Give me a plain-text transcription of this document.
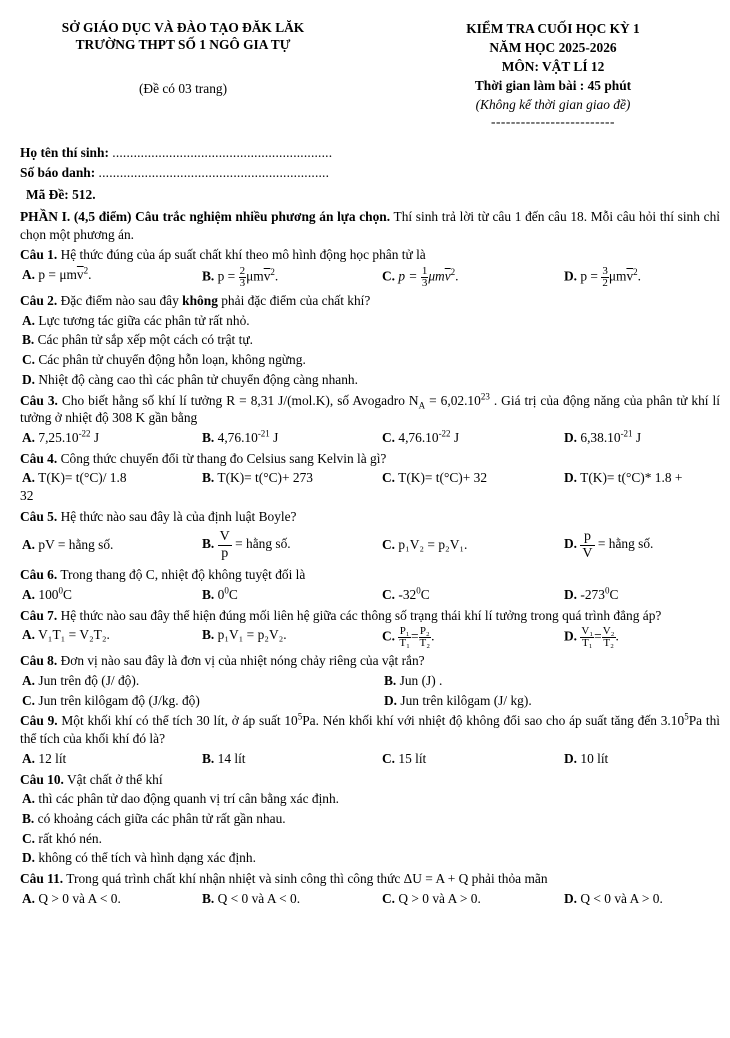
SỞ GIÁO DỤC VÀ ĐÀO TẠO ĐĂK LĂK
TRƯỜNG THPT SỐ 1 NGÔ GIA TỰ
(Đề có 03 trang)
KIỂM TRA CUỐI HỌC KỲ 1
NĂM HỌC 2025-2026
MÔN: VẬT LÍ 12
Thời gian làm bài : 45 phút
(Không kể thời gian giao đề)
-------------------------
Họ tên thí sinh: ..............................................................
Số báo danh: .................................................................
Mã Đề: 512.

PHẦN I. (4,5 điểm) Câu trắc nghiệm nhiều phương án lựa chọn. Thí sinh trả lời từ câu 1 đến câu 18. Mỗi câu hỏi thí sinh chỉ chọn một phương án.

Câu 1. Hệ thức đúng của áp suất chất khí theo mô hình động học phân tử là
A. $p = \mu m\overline{v}^2$.	B. $p = \frac{2}{3} \mu m\overline{v}^2$.	C. $p = \frac{1}{3} \mu m\overline{v}^2$.	D. $p = \frac{3}{2} \mu m\overline{v}^2$.
Câu 2. Đặc điểm nào sau đây không phải đặc điểm của chất khí?
A. Lực tương tác giữa các phân tử rất nhỏ.
B. Các phân tử sắp xếp một cách có trật tự.
C. Các phân tử chuyển động hỗn loạn, không ngừng.
D. Nhiệt độ càng cao thì các phân tử chuyển động càng nhanh.
Câu 3. Cho biết hằng số khí lí tưởng R = 8,31 J/(mol.K), số Avogadro $N_A = 6,02.10^{23}$ . Giá trị của động năng của phân tử khí lí tưởng ở nhiệt độ 308 K gần bằng
A. $7,25.10^{-22}$ J	B. $4,76.10^{-21}$ J	C. $4,76.10^{-22}$ J	D. $6,38.10^{-21}$ J
Câu 4. Công thức chuyển đổi từ thang đo Celsius sang Kelvin là gì?
A. T(K)= t(°C)/ 1.8	B. T(K)= t(°C)+ 273	C. T(K)= t(°C)+ 32	D. T(K)= t(°C)* 1.8 +
32
Câu 5. Hệ thức nào sau đây là của định luật Boyle?
A. pV = hằng số.	B. $\frac{V}{p}$ = hằng số.	C. p₁V₂ = p₂V₁.	D. $\frac{p}{V}$ = hằng số.
Câu 6. Trong thang độ C, nhiệt độ không tuyệt đối là
A. $100^0C$	B. $0^0C$	C. $-32^0C$	D. $-273^0C$
Câu 7. Hệ thức nào sau đây thể hiện đúng mối liên hệ giữa các thông số trạng thái khí lí tưởng trong quá trình đẳng áp?
A. V₁T₁ = V₂T₂.	B. p₁V₁ = p₂V₂.	C. $\frac{\text{P₁}}{\text{T₁}} = \frac{\text{P₂}}{\text{T₂}}$ .	D. $\frac{\text{V₁}}{\text{T₁}} = \frac{\text{V₂}}{\text{T₂}}$ .
Câu 8. Đơn vị nào sau đây là đơn vị của nhiệt nóng chảy riêng của vật rắn?
A. Jun trên độ (J/ độ).	B. Jun (J) .
C. Jun trên kilôgam độ (J/kg. độ)	D. Jun trên kilôgam (J/ kg).
Câu 9. Một khối khí có thể tích 30 lít, ở áp suất $10^5Pa$. Nén khối khí với nhiệt độ không đổi sao cho áp suất tăng đến 3.10$^5$Pa thì thể tích của khối khí đó là?
A. 12 lít	B. 14 lít	C. 15 lít	D. 10 lít
Câu 10. Vật chất ở thể khí
A. thì các phân tử dao động quanh vị trí cân bằng xác định.
B. có khoảng cách giữa các phân tử rất gần nhau.
C. rất khó nén.
D. không có thể tích và hình dạng xác định.
Câu 11. Trong quá trình chất khí nhận nhiệt và sinh công thì công thức ΔU = A + Q phải thỏa mãn
A. Q > 0 và A < 0.	B. Q < 0 và A < 0.	C. Q > 0 và A > 0.	D. Q < 0 và A > 0.
